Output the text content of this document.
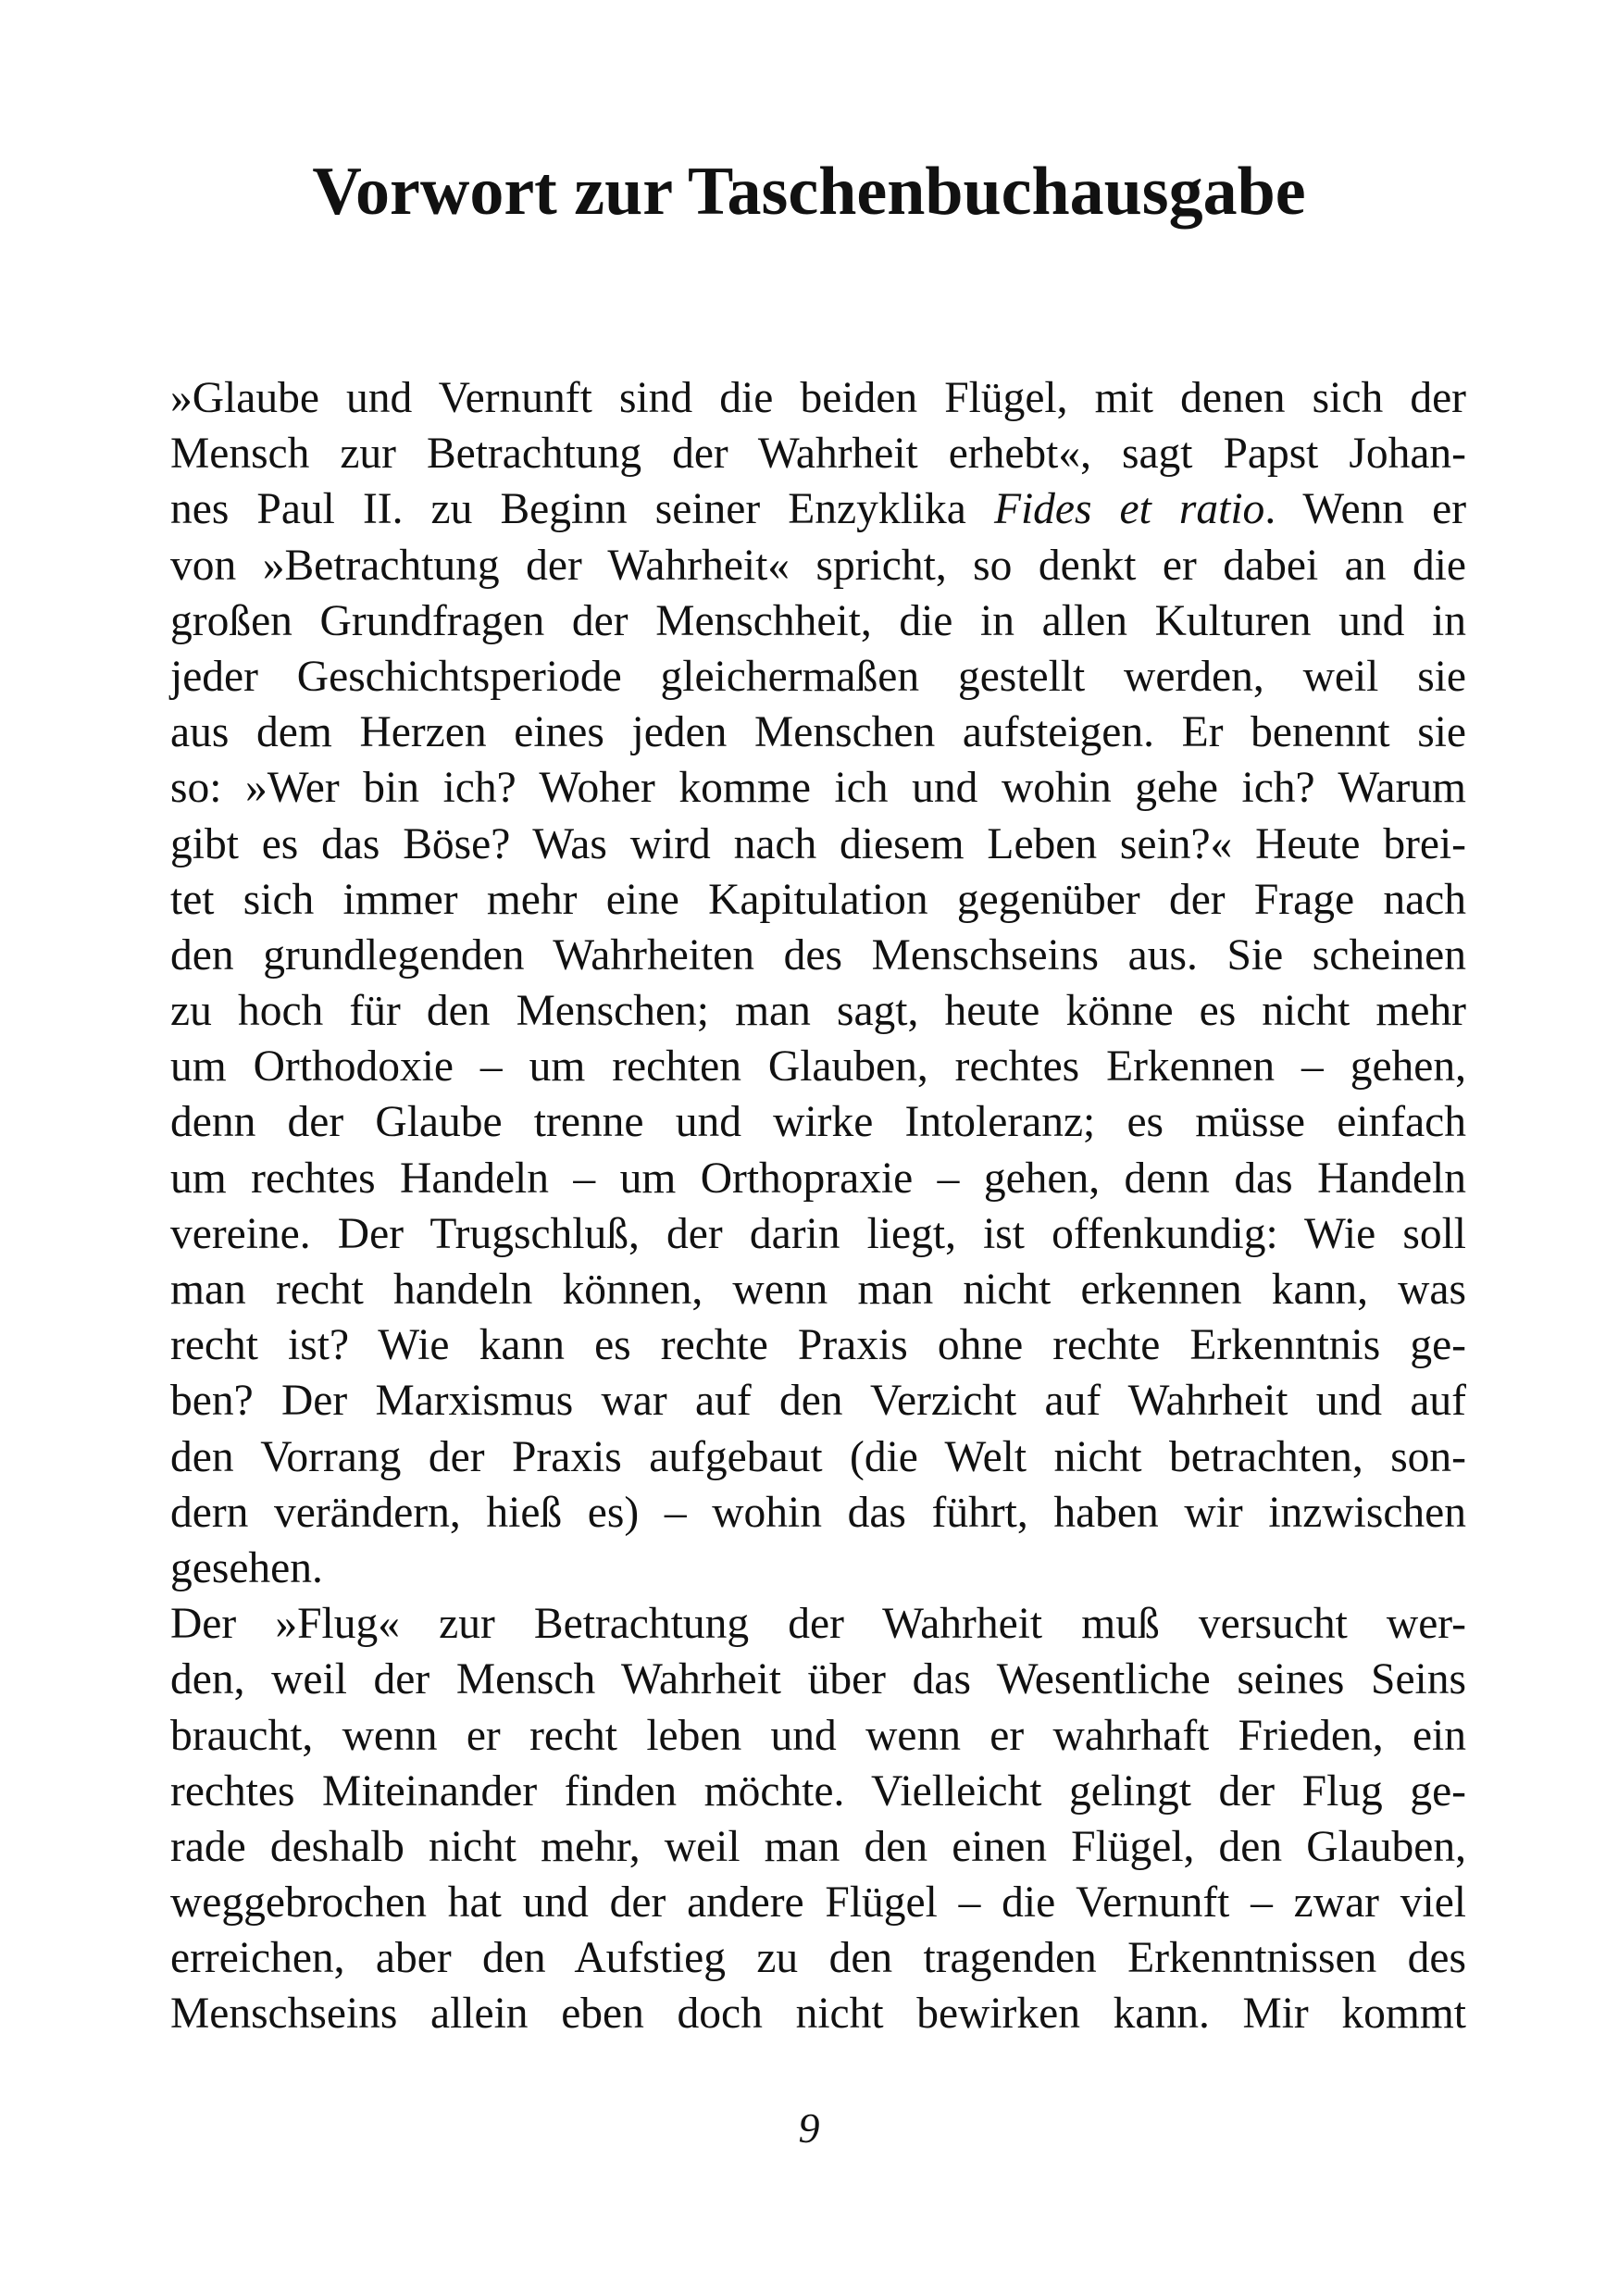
Vorwort zur Taschenbuchausgabe
»Glaube und Vernunft sind die beiden Flügel, mit denen sich der
Mensch zur Betrachtung der Wahrheit erhebt«, sagt Papst Johan-
nes Paul II. zu Beginn seiner Enzyklika Fides et ratio. Wenn er
von »Betrachtung der Wahrheit« spricht, so denkt er dabei an die
großen Grundfragen der Menschheit, die in allen Kulturen und in
jeder Geschichtsperiode gleichermaßen gestellt werden, weil sie
aus dem Herzen eines jeden Menschen aufsteigen. Er benennt sie
so: »Wer bin ich? Woher komme ich und wohin gehe ich? Warum
gibt es das Böse? Was wird nach diesem Leben sein?« Heute brei-
tet sich immer mehr eine Kapitulation gegenüber der Frage nach
den grundlegenden Wahrheiten des Menschseins aus. Sie scheinen
zu hoch für den Menschen; man sagt, heute könne es nicht mehr
um Orthodoxie – um rechten Glauben, rechtes Erkennen – gehen,
denn der Glaube trenne und wirke Intoleranz; es müsse einfach
um rechtes Handeln – um Orthopraxie – gehen, denn das Handeln
vereine. Der Trugschluß, der darin liegt, ist offenkundig: Wie soll
man recht handeln können, wenn man nicht erkennen kann, was
recht ist? Wie kann es rechte Praxis ohne rechte Erkenntnis ge-
ben? Der Marxismus war auf den Verzicht auf Wahrheit und auf
den Vorrang der Praxis aufgebaut (die Welt nicht betrachten, son-
dern verändern, hieß es) – wohin das führt, haben wir inzwischen
gesehen.
Der »Flug« zur Betrachtung der Wahrheit muß versucht wer-
den, weil der Mensch Wahrheit über das Wesentliche seines Seins
braucht, wenn er recht leben und wenn er wahrhaft Frieden, ein
rechtes Miteinander finden möchte. Vielleicht gelingt der Flug ge-
rade deshalb nicht mehr, weil man den einen Flügel, den Glauben,
weggebrochen hat und der andere Flügel – die Vernunft – zwar viel
erreichen, aber den Aufstieg zu den tragenden Erkenntnissen des
Menschseins allein eben doch nicht bewirken kann. Mir kommt
9
